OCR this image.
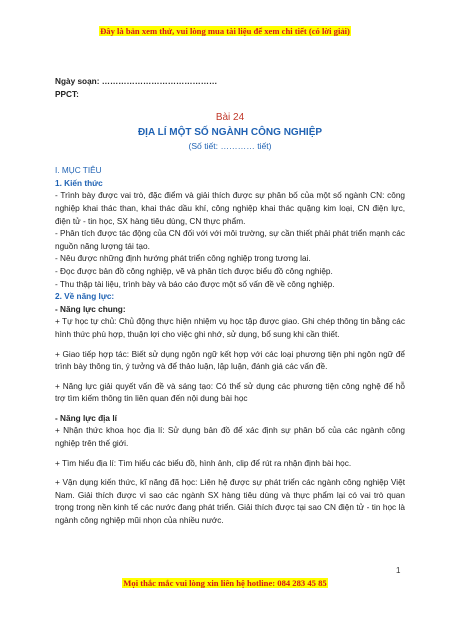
Đây là bản xem thử, vui lòng mua tài liệu để xem chi tiết (có lời giải)

Ngày soạn: ……………………………………

PPCT:

Bài 24
ĐỊA LÍ MỘT SỐ NGÀNH CÔNG NGHIỆP
(Số tiết: ………… tiết)

I. MỤC TIÊU

1. Kiến thức

- Trình bày được vai trò, đặc điểm và giải thích được sự phân bố của một số ngành CN: công nghiệp khai thác than, khai thác dầu khí, công nghiệp khai thác quặng kim loại, CN điện lực, điện tử - tin học, SX hàng tiêu dùng, CN thực phẩm.

- Phân tích được tác động của CN đối với với môi trường, sự cần thiết phải phát triển mạnh các nguồn năng lượng tái tạo.

- Nêu được những định hướng phát triển công nghiệp trong tương lai.

- Đọc được bản đồ công nghiệp, vẽ và phân tích được biểu đồ công nghiệp.

- Thu thập tài liệu, trình bày và báo cáo được một số vấn đề về công nghiệp.

2. Về năng lực:

- Năng lực chung:

+ Tự học tự chủ: Chủ động thực hiện nhiệm vụ học tập được giao. Ghi chép thông tin bằng các hình thức phù hợp, thuận lợi cho việc ghi nhớ, sử dụng, bổ sung khi cần thiết.

+ Giao tiếp hợp tác: Biết sử dụng ngôn ngữ kết hợp với các loại phương tiện phi ngôn ngữ để trình bày thông tin, ý tưởng và để thảo luận, lập luận, đánh giá các vấn đề.

+ Năng lực giải quyết vấn đề và sáng tạo: Có thể sử dụng các phương tiện công nghệ để hỗ trợ tìm kiếm thông tin liên quan đến nội dung bài học

- Năng lực địa lí

+ Nhận thức khoa học địa lí: Sử dụng bản đồ để xác định sự phân bố của các ngành công nghiệp trên thế giới.

+ Tìm hiểu địa lí: Tìm hiểu các biểu đồ, hình ảnh, clip để rút ra nhận định bài học.

+ Vận dụng kiến thức, kĩ năng đã học: Liên hệ được sự phát triển các ngành công nghiệp Việt Nam. Giải thích được vì sao các ngành SX hàng tiêu dùng và thực phẩm lại có vai trò quan trọng trong nền kinh tế các nước đang phát triển. Giải thích được tại sao CN điện tử - tin học là ngành công nghiệp mũi nhọn của nhiều nước.

1
Mọi thắc mắc vui lòng xin liên hệ hotline: 084 283 45 85
